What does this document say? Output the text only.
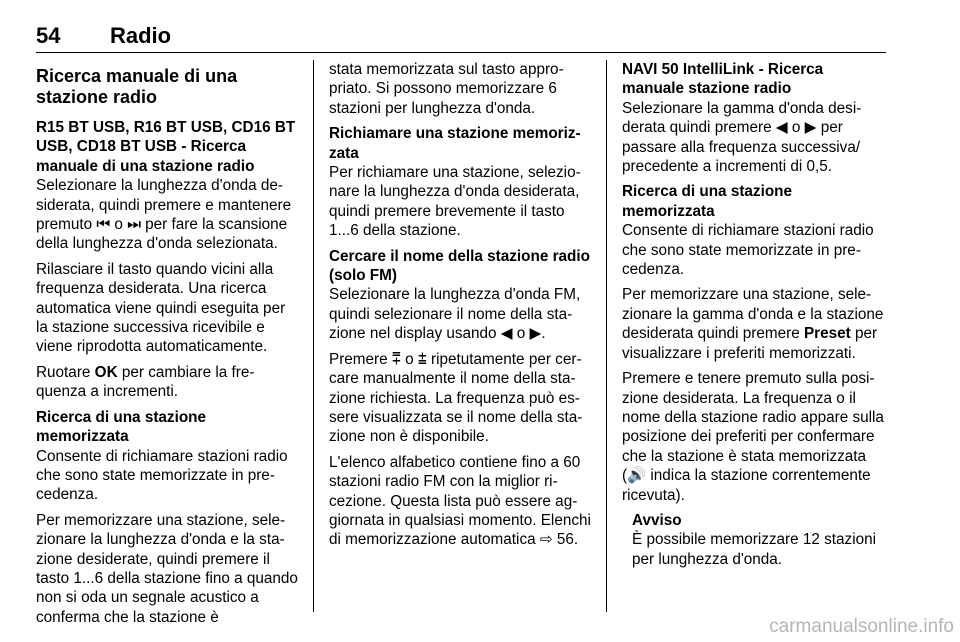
54 Radio
Ricerca manuale di una stazione radio

R15 BT USB, R16 BT USB, CD16 BT USB, CD18 BT USB - Ricerca manuale di una stazione radio

Selezionare la lunghezza d'onda desiderata, quindi premere e mantenere premuto ⏮ o ⏭ per fare la scansione della lunghezza d'onda selezionata.

Rilasciare il tasto quando vicini alla frequenza desiderata. Una ricerca automatica viene quindi eseguita per la stazione successiva ricevibile e viene riprodotta automaticamente.

Ruotare OK per cambiare la frequenza a incrementi.

Ricerca di una stazione memorizzata

Consente di richiamare stazioni radio che sono state memorizzate in precedenza.

Per memorizzare una stazione, selezionare la lunghezza d'onda e la stazione desiderate, quindi premere il tasto 1...6 della stazione fino a quando non si oda un segnale acustico a conferma che la stazione è

stata memorizzata sul tasto appropriato. Si possono memorizzare 6 stazioni per lunghezza d'onda.

Richiamare una stazione memorizzata

Per richiamare una stazione, selezionare la lunghezza d'onda desiderata, quindi premere brevemente il tasto 1...6 della stazione.

Cercare il nome della stazione radio (solo FM)

Selezionare la lunghezza d'onda FM, quindi selezionare il nome della stazione nel display usando ◀ o ▶.

Premere ⩱ o ⩲ ripetutamente per cercare manualmente il nome della stazione richiesta. La frequenza può essere visualizzata se il nome della stazione non è disponibile.

L'elenco alfabetico contiene fino a 60 stazioni radio FM con la miglior ricezione. Questa lista può essere aggiornata in qualsiasi momento. Elenchi di memorizzazione automatica ⇨ 56.

NAVI 50 IntelliLink - Ricerca manuale stazione radio

Selezionare la gamma d'onda desiderata quindi premere ◀ o ▶ per passare alla frequenza successiva/ precedente a incrementi di 0,5.

Ricerca di una stazione memorizzata

Consente di richiamare stazioni radio che sono state memorizzate in precedenza.

Per memorizzare una stazione, selezionare la gamma d'onda e la stazione desiderata quindi premere Preset per visualizzare i preferiti memorizzati.

Premere e tenere premuto sulla posizione desiderata. La frequenza o il nome della stazione radio appare sulla posizione dei preferiti per confermare che la stazione è stata memorizzata (🔊 indica la stazione correntemente ricevuta).

Avviso

È possibile memorizzare 12 stazioni per lunghezza d'onda.

carmanualsonline.info
